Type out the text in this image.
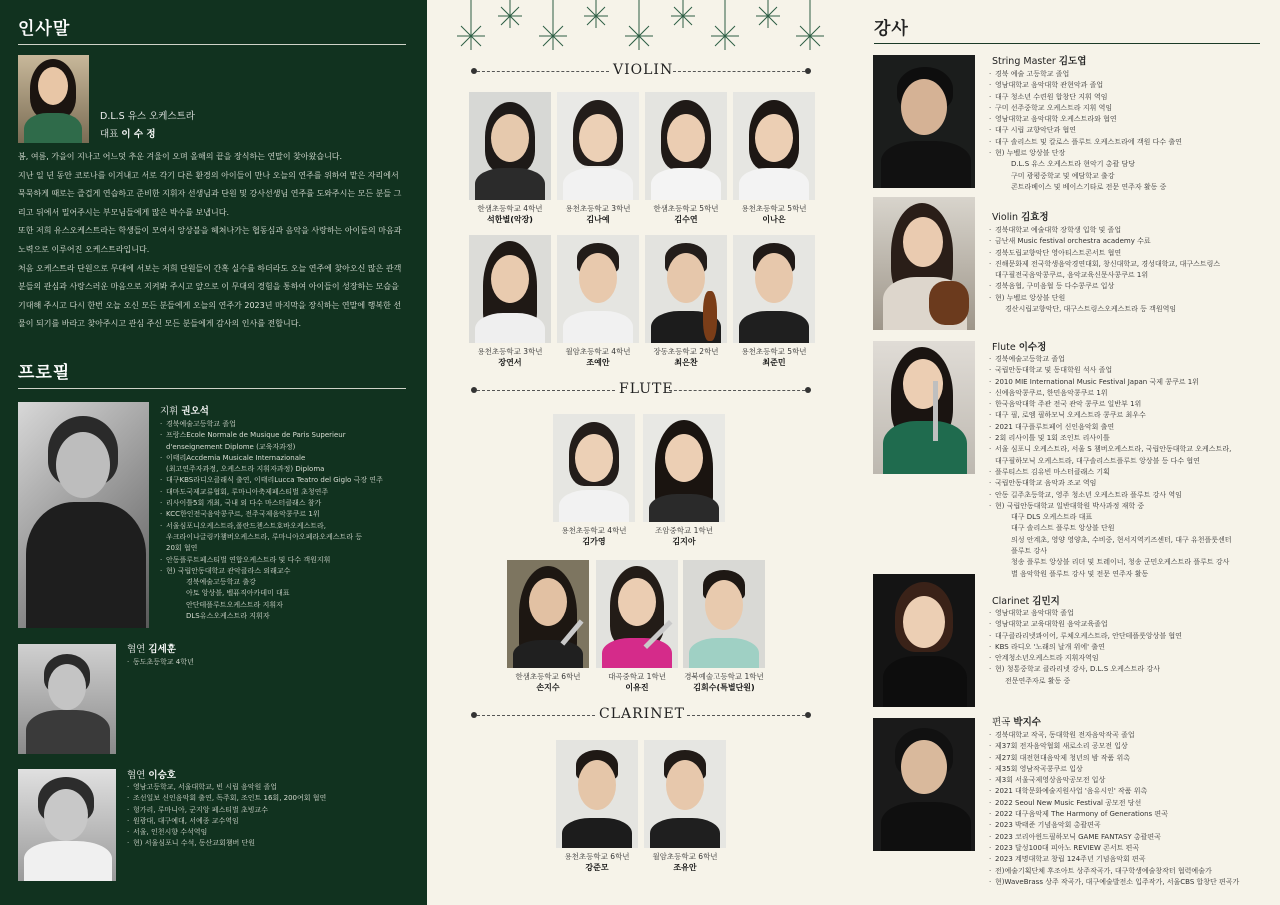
인사말
D.L.S 유스 오케스트라
대표 이 수 정

봄, 여름, 가을이 지나고 어느덧 추운 겨울이 오며 올해의 끝을 장식하는 연말이 찾아왔습니다.

지난 일 년 동안 코로나를 이겨내고 서로 각기 다른 환경의 아이들이 만나 오늘의 연주를 위하여 맡은 자리에서 묵묵하게 때로는 즐겁게 연습하고 준비한 지휘자 선생님과 단원 및 강사선생님 연주를 도와주시는 모든 분들 그리고 뒤에서 밀어주시는 부모님들에게 많은 박수를 보냅니다.

또한 저희 유스오케스트라는 학생들이 모여서 앙상블을 헤쳐나가는 협동심과 음악을 사랑하는 아이들의 마음과 노력으로 이루어진 오케스트라입니다.

처음 오케스트라 단원으로 무대에 서보는 저희 단원들이 간혹 실수를 하더라도 오늘 연주에 찾아오신 많은 관객분들의 관심과 사랑스러운 마음으로 지켜봐 주시고 앞으로 이 무대의 경험을 통하여 아이들이 성장하는 모습을 기대해 주시고 다시 한번 오늘 오신 모든 분들에게 오늘의 연주가 2023년 마지막을 장식하는 연말에 행복한 선물이 되기를 바라고 찾아주시고 관심 주신 모든 분들에게 감사의 인사를 전합니다.

프로필
지휘 권오석
· 경북예술고등학교 졸업
· 프랑스Ecole Normale de Musique de Paris Superieur
d'enseignement Diplome (교육자과정)
· 이태리Accdemia Musicale Internazionale
(최고연주자과정, 오케스트라 지휘자과정) Diploma
· 대구KBS라디오클래식 출연, 이태리Lucca Teatro del Giglo 극장 연주
· 대마도국제교류협회, 루마니아축제페스티벌 초청연주
· 리사이틀5회 개최, 국내 외 다수 마스터클래스 참가
· KCC한인전국음악콩쿠르, 전주국제음악콩쿠르 1위
· 서울심포니오케스트라,폴란드첸스트호바오케스트라,
우크라이나글링카챔버오케스트라, 루마니아오페라오케스트라 등
20회 협연
· 안동플루트페스티벌 연합오케스트라 및 다수 객원지휘
· 현) 국립안동대학교 관악클라스 외래교수
경북예술고등학교 출강
아토 앙상블, 벨퓨직아카데미 대표
안단테플루트오케스트라 지휘자
DLS유스오케스트라 지휘자
협연 김세훈
· 동도초등학교 4학년
협연 이승호
· 영남고등학교, 서울대학교, 빈 시립 음악원 졸업
· 조선일보 신인음악회 출연, 독주회, 조인트 16회, 200여회 협연
· 헝가리, 루마니아, 군지앙 페스티벌 초빙교수
· 원광대, 대구예대, 서예종 교수역임
· 서울, 인천시향 수석역임
· 현) 서울심포니 수석, 동산교회챔버 단원
VIOLIN
한샘초등학교 4학년
석한별(악장)
용천초등학교 3학년
김나예
한샘초등학교 5학년
김수연
용천초등학교 5학년
이나은
용천초등학교 3학년
장연서
월암초등학교 4학년
조예안
장동초등학교 2학년
최은찬
용천초등학교 5학년
최준민
FLUTE
용천초등학교 4학년
김가영
조암중학교 1학년
김지아
한샘초등학교 6학년
손지수
대곡중학교 1학년
이유진
경북예술고등학교 1학년
김회수(특별단원)
CLARINET
용천초등학교 6학년
강준모
월암초등학교 6학년
조유안
강사
String Master 김도엽
· 경북 예술 고등학교 졸업
· 영남대학교 음악대학 관현악과 졸업
· 대구 청소년 수련원 합창단 지휘 역임
· 구미 선주중학교 오케스트라 지휘 역임
· 영남대학교 음악대학 오케스트라와 협연
· 대구 시립 교향악단과 협연
· 대구 솔리스트 및 칼로스 플루트 오케스트라에 객원 다수 출연
· 현) 누벨르 앙상블 단장
D.L.S 유스 오케스트라 현악기 총괄 담당
구미 광평중학교 및 예담학교 출강
콘트라베이스 및 베이스기타로 전문 연주자 활동 중
Violin 김효정
· 경북대학교 예술대학 장학생 입학 및 졸업
· 금난새 Music festival orchestra academy 수료
· 경북도립교향악단 영아티스트콘서트 협연
· 진해문화제 전국학생음악경연대회, 창신대학교, 경성대학교, 대구스트링스
대구필전국음악콩쿠르, 음악교육신문사콩쿠르 1위
· 경북음협, 구미음협 등 다수콩쿠르 입상
· 현) 누벨르 앙상블 단원
경산시립교향악단, 대구스트링스오케스트라 등 객원역임
Flute 이수정
· 경북예술고등학교 졸업
· 국립안동대학교 및 동대학원 석사 졸업
· 2010 MIE International Music Festival Japan 국제 콩쿠르 1위
· 신예음악콩쿠르, 한민음악콩쿠르 1위
· 한국음악대학 주관 전국 관악 콩쿠르 일반부 1위
· 대구 필, 로엠 필하모닉 오케스트라 콩쿠르 최우수
· 2021 대구플루트페어 신인음악회 출연
· 2회 리사이틀 및 1회 조인트 리사이틀
· 서울 심포니 오케스트라, 서울 S 챔버오케스트라, 국립안동대학교 오케스트라,
대구필하모닉 오케스트라, 대구솔리스트플루트 앙상블 등 다수 협연
· 플루티스트 김유빈 마스터클래스 기획
· 국립안동대학교 음악과 조교 역임
· 안동 길주초등학교, 영주 청소년 오케스트라 플루트 강사 역임
· 현) 국립안동대학교 일반대학원 박사과정 재학 중
대구 DLS 오케스트라 대표
대구 솔리스트 플루트 앙상블 단원
의성 안계초, 영양 영양초, 수비중, 현서지역키즈센터, 대구 유천플룻센터
플루트 강사
청송 플루트 앙상블 리더 및 트레이너, 청송 군민오케스트라 플루트 강사
별 음악학원 플루트 강사 및 전문 연주자 활동
Clarinet 김민지
· 영남대학교 음악대학 졸업
· 영남대학교 교육대학원 음악교육졸업
· 대구클라리넷콰이어, 루체오케스트라, 안단테플룻앙상블 협연
· KBS 라디오 '노래의 날개 위에' 출연
· 안계청소년오케스트라 지휘자역임
· 현) 청통중학교 클라리넷 강사, D.L.S 오케스트라 강사
전문연주자로 활동 중
편곡 박지수
· 경북대학교 작곡, 동대학원 전자음악작곡 졸업
· 제37회 전자음악협회 새로소리 공모전 입상
· 제27회 대전현대음악제 청년의 밤 작품 위촉
· 제35회 영남작곡콩쿠르 입상
· 제3회 서울국제영상음악공모전 입상
· 2021 대학문화예술지원사업 '음유시인' 작품 위촉
· 2022 Seoul New Music Festival 공모전 당선
· 2022 대구음악제 The Harmony of Generations 편곡
· 2023 박태준 기념음악회 총괄편곡
· 2023 코리아윈드필하모닉 GAME FANTASY 총괄편곡
· 2023 달성100대 피아노 REVIEW 콘서트 편곡
· 2023 계명대학교 창립 124주년 기념음악회 편곡
· 전)예술기획단체 후조아트 상주작곡가, 대구학생예술창작터 협력예술가
· 현)WaveBrass 상주 작곡가, 대구예술발전소 입주작가, 서울CBS 합창단 편곡가
